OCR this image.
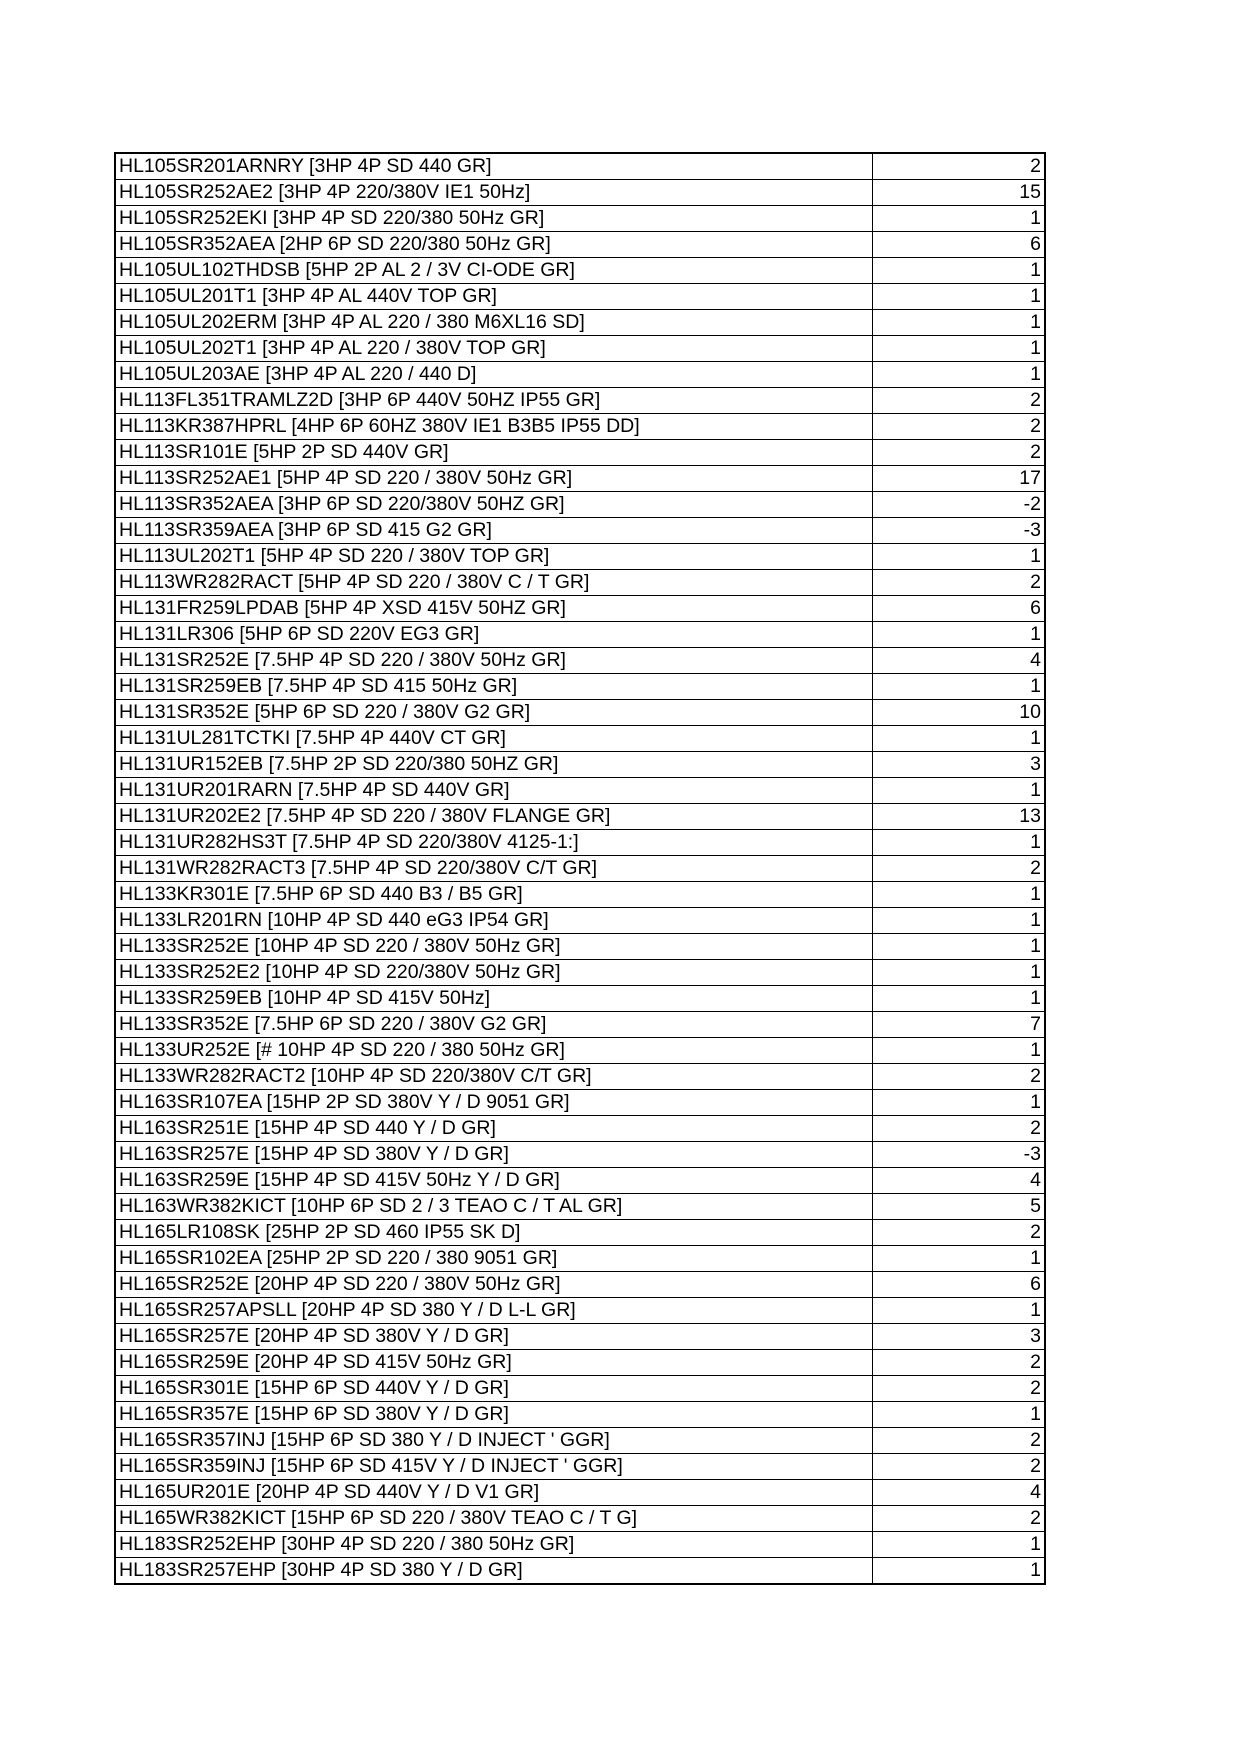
HL105SR201ARNRY [3HP 4P SD 440 GR]	2
HL105SR252AE2 [3HP 4P 220/380V IE1 50Hz]	15
HL105SR252EKI [3HP 4P SD 220/380 50Hz GR]	1
HL105SR352AEA [2HP 6P SD 220/380 50Hz GR]	6
HL105UL102THDSB [5HP 2P AL 2 / 3V CI-ODE GR]	1
HL105UL201T1 [3HP 4P AL 440V TOP GR]	1
HL105UL202ERM [3HP 4P AL 220 / 380 M6XL16 SD]	1
HL105UL202T1 [3HP 4P AL 220 / 380V TOP GR]	1
HL105UL203AE [3HP 4P AL 220 / 440 D]	1
HL113FL351TRAMLZ2D [3HP 6P 440V 50HZ IP55 GR]	2
HL113KR387HPRL [4HP 6P 60HZ 380V IE1 B3B5 IP55 DD]	2
HL113SR101E [5HP 2P SD 440V GR]	2
HL113SR252AE1 [5HP 4P SD 220 / 380V 50Hz GR]	17
HL113SR352AEA [3HP 6P SD 220/380V 50HZ GR]	-2
HL113SR359AEA [3HP 6P SD 415 G2 GR]	-3
HL113UL202T1 [5HP 4P SD 220 / 380V TOP GR]	1
HL113WR282RACT [5HP 4P SD 220 / 380V C / T GR]	2
HL131FR259LPDAB [5HP 4P XSD 415V 50HZ GR]	6
HL131LR306 [5HP 6P SD 220V EG3 GR]	1
HL131SR252E [7.5HP 4P SD 220 / 380V 50Hz GR]	4
HL131SR259EB [7.5HP 4P SD 415 50Hz GR]	1
HL131SR352E [5HP 6P SD 220 / 380V G2 GR]	10
HL131UL281TCTKI [7.5HP 4P 440V CT GR]	1
HL131UR152EB [7.5HP 2P SD 220/380 50HZ GR]	3
HL131UR201RARN [7.5HP 4P SD 440V GR]	1
HL131UR202E2 [7.5HP 4P SD 220 / 380V FLANGE GR]	13
HL131UR282HS3T [7.5HP 4P SD 220/380V 4125-1:]	1
HL131WR282RACT3 [7.5HP 4P SD 220/380V C/T GR]	2
HL133KR301E [7.5HP 6P SD 440 B3 / B5 GR]	1
HL133LR201RN [10HP 4P SD 440 eG3 IP54 GR]	1
HL133SR252E [10HP 4P SD 220 / 380V 50Hz GR]	1
HL133SR252E2 [10HP 4P SD 220/380V 50Hz GR]	1
HL133SR259EB [10HP 4P SD 415V 50Hz]	1
HL133SR352E [7.5HP 6P SD 220 / 380V G2 GR]	7
HL133UR252E [# 10HP 4P SD 220 / 380 50Hz GR]	1
HL133WR282RACT2 [10HP 4P SD 220/380V C/T GR]	2
HL163SR107EA [15HP 2P SD 380V Y / D 9051 GR]	1
HL163SR251E [15HP 4P SD 440 Y / D GR]	2
HL163SR257E [15HP 4P SD 380V Y / D GR]	-3
HL163SR259E [15HP 4P SD 415V 50Hz Y / D GR]	4
HL163WR382KICT [10HP 6P SD 2 / 3 TEAO C / T AL GR]	5
HL165LR108SK [25HP 2P SD 460 IP55 SK D]	2
HL165SR102EA [25HP 2P SD 220 / 380 9051 GR]	1
HL165SR252E [20HP 4P SD 220 / 380V 50Hz GR]	6
HL165SR257APSLL [20HP 4P SD 380 Y / D L-L GR]	1
HL165SR257E [20HP 4P SD 380V Y / D GR]	3
HL165SR259E [20HP 4P SD 415V 50Hz GR]	2
HL165SR301E [15HP 6P SD 440V Y / D GR]	2
HL165SR357E [15HP 6P SD 380V Y / D GR]	1
HL165SR357INJ [15HP 6P SD 380 Y / D INJECT ' GGR]	2
HL165SR359INJ [15HP 6P SD 415V Y / D INJECT ' GGR]	2
HL165UR201E [20HP 4P SD 440V Y / D V1 GR]	4
HL165WR382KICT [15HP 6P SD 220 / 380V TEAO C / T G]	2
HL183SR252EHP [30HP 4P SD 220 / 380 50Hz GR]	1
HL183SR257EHP [30HP 4P SD 380 Y / D GR]	1
